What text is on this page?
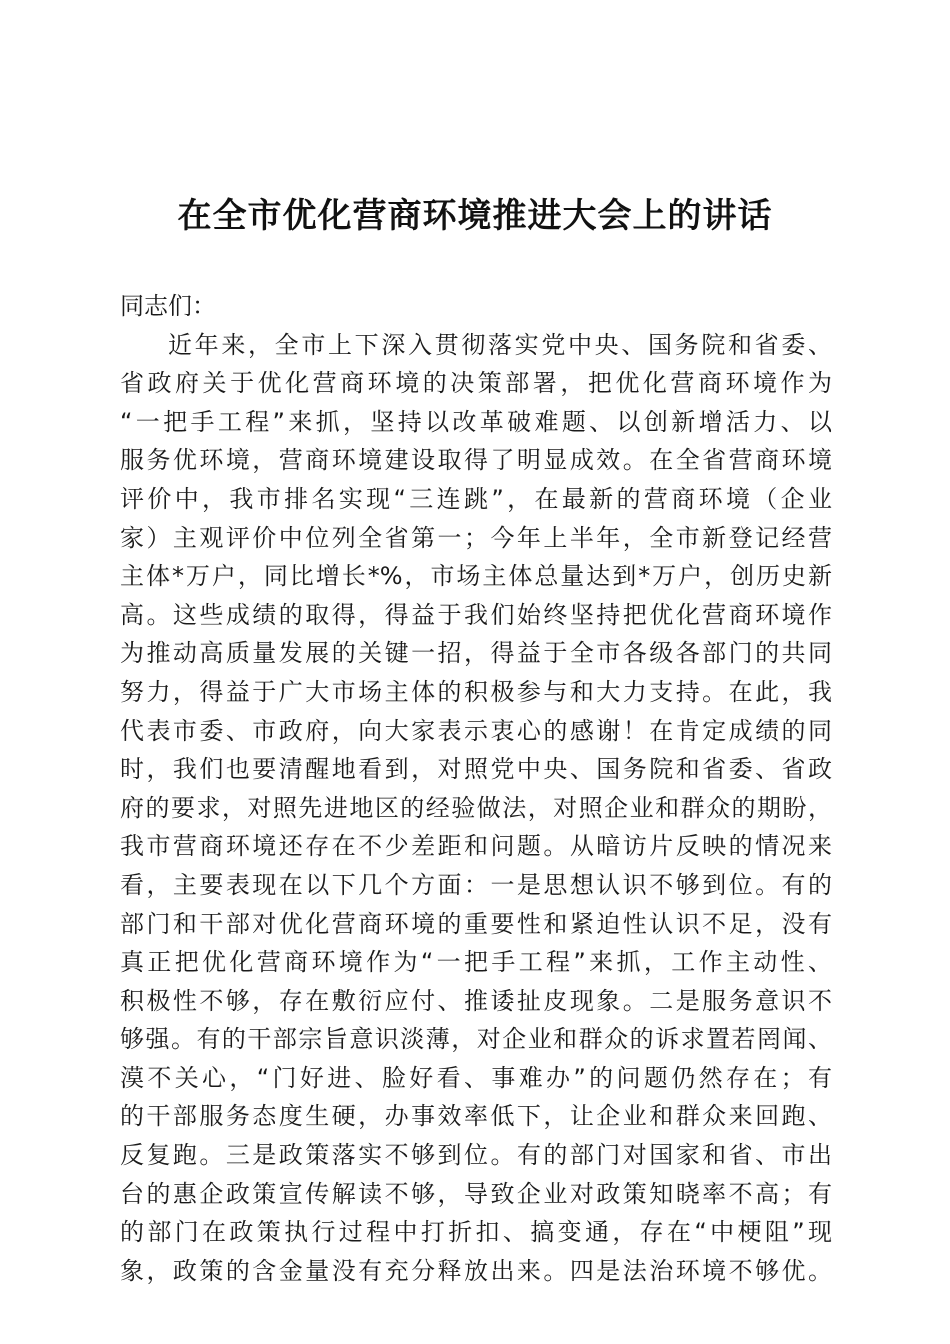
在全市优化营商环境推进大会上的讲话
同志们：
近年来，全市上下深入贯彻落实党中央、国务院和省委、
省政府关于优化营商环境的决策部署，把优化营商环境作为
“一把手工程”来抓，坚持以改革破难题、以创新增活力、以
服务优环境，营商环境建设取得了明显成效。在全省营商环境
评价中，我市排名实现“三连跳”，在最新的营商环境（企业
家）主观评价中位列全省第一；今年上半年，全市新登记经营
主体*万户，同比增长*%，市场主体总量达到*万户，创历史新
高。这些成绩的取得，得益于我们始终坚持把优化营商环境作
为推动高质量发展的关键一招，得益于全市各级各部门的共同
努力，得益于广大市场主体的积极参与和大力支持。在此，我
代表市委、市政府，向大家表示衷心的感谢！在肯定成绩的同
时，我们也要清醒地看到，对照党中央、国务院和省委、省政
府的要求，对照先进地区的经验做法，对照企业和群众的期盼，
我市营商环境还存在不少差距和问题。从暗访片反映的情况来
看，主要表现在以下几个方面：一是思想认识不够到位。有的
部门和干部对优化营商环境的重要性和紧迫性认识不足，没有
真正把优化营商环境作为“一把手工程”来抓，工作主动性、
积极性不够，存在敷衍应付、推诿扯皮现象。二是服务意识不
够强。有的干部宗旨意识淡薄，对企业和群众的诉求置若罔闻、
漠不关心，“门好进、脸好看、事难办”的问题仍然存在；有
的干部服务态度生硬，办事效率低下，让企业和群众来回跑、
反复跑。三是政策落实不够到位。有的部门对国家和省、市出
台的惠企政策宣传解读不够，导致企业对政策知晓率不高；有
的部门在政策执行过程中打折扣、搞变通，存在“中梗阻”现
象，政策的含金量没有充分释放出来。四是法治环境不够优。
